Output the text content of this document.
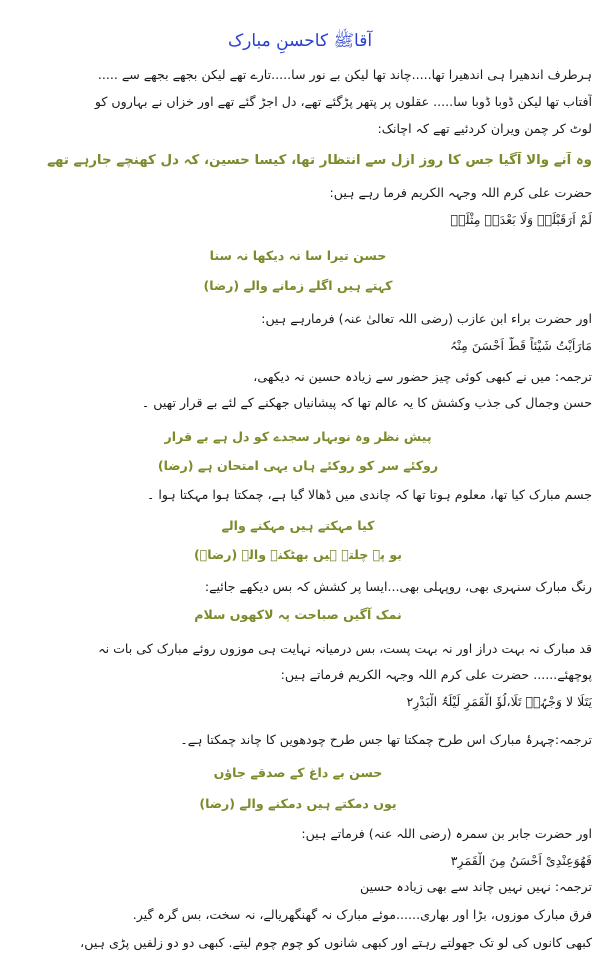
آقاﷺ کاحسنِ مبارک
ہرطرف اندھیرا ہی اندھیرا تھا.....چاند تھا لیکن بے نور سا.....تارے تھے لیکن بجھے بجھے سے .....
آفتاب تھا لیکن ڈوبا ڈوبا سا..... عقلوں پر پتھر پڑگئے تھے، دل اجڑ گئے تھے اور خزاں نے بہاروں کو
لوٹ کر چمن ویران کردئیے تھے کہ اچانک:
وہ آنے والا آگیا جس کا روز ازل سے انتظار تھا، کیسا حسین، کہ دل کھنچے جارہے تھے
حضرت علی کرم اللہ وجہہ الکریم فرما رہے ہیں:
لَمْ اَرَقَبْلَہٗ وَلَا بَعْدَہٗ مِثْلَہٗ
حسن تیرا سا نہ دیکھا نہ سنا
کہتے ہیں اگلے زمانے والے (رضا)
اور حضرت براء ابن عازب (رضی اللہ تعالیٰ عنہ) فرمارہے ہیں:
مَارَاَیْتُ شَیْئاً قَطُّ اَحْسَنَ مِنْہُ
ترجمہ: میں نے کبھی کوئی چیز حضور سے زیادہ حسین نہ دیکھی،
حسن وجمال کی جذب وکشش کا یہ عالم تھا کہ پیشانیاں جھکنے کے لئے بے قرار تھیں ۔
پیش نظر وہ نوبہار سجدے کو دل ہے بے قرار
روکئے سر کو روکئے ہاں یہی امتحان ہے (رضا)
جسم مبارک کیا تھا، معلوم ہوتا تھا کہ چاندی میں ڈھالا گیا ہے، چمکتا ہوا مہکتا ہوا ۔
کیا مہکتے ہیں مہکنے والے
بو پہ چلتے ہیں بھٹکنے والے (رضاؔ)
رنگ مبارک سنہری بھی، روپہلی بھی...ایسا پر کشش کہ بس دیکھے جائیے:
نمک آگیں صباحت پہ لاکھوں سلام
قد مبارک نہ بہت دراز اور نہ بہت پست، بس درمیانہ نہایت ہی موزوں روئے مبارک کی بات نہ
پوچھئے...... حضرت علی کرم اللہ وجہہ الکریم فرماتے ہیں:
یَتَلَا لا وَجْہُہٗ تَلَا،لُؤَ الْقَمَرِ لَیْلَۃُ الْبَدْرِ۲
ترجمہ:چہرۂ مبارک اس طرح چمکتا تھا جس طرح چودھویں کا چاند چمکتا ہے۔
حسن بے داغ کے صدقے جاؤں
یوں دمکتے ہیں دمکنے والے (رضا)
اور حضرت جابر بن سمرہ (رضی اللہ عنہ) فرماتے ہیں:
فَھُوَعِنْدِیْ اَحْسَنُ مِنَ الْقَمَرِ۳
ترجمہ: نہیں نہیں چاند سے بھی زیادہ حسین
فرق مبارک موزوں، بڑا اور بھاری......موئے مبارک نہ گھنگھریالے، نہ سخت، بس گرہ گیر.
کبھی کانوں کی لو تک جھولتے رہتے اور کبھی شانوں کو چوم چوم لیتے. کبھی دو دو زلفیں پڑی ہیں،
